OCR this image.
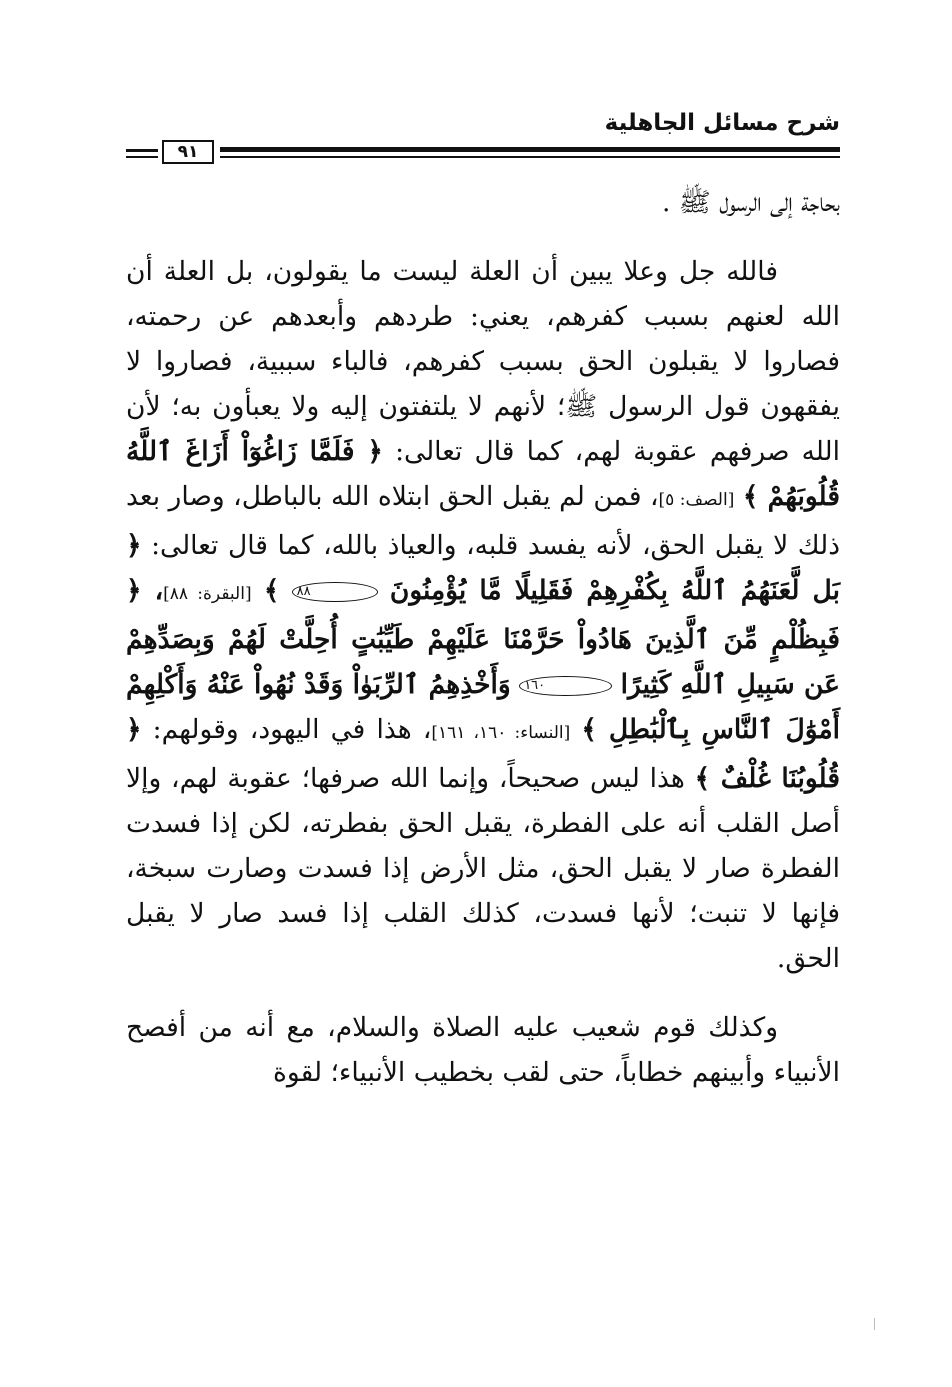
شرح مسائل الجاهلية
٩١

بحاجة إلى الرسول ﷺ .

فالله جل وعلا يبين أن العلة ليست ما يقولون، بل العلة أن الله لعنهم بسبب كفرهم، يعني: طردهم وأبعدهم عن رحمته، فصاروا لا يقبلون الحق بسبب كفرهم، فالباء سببية، فصاروا لا يفقهون قول الرسول ﷺ؛ لأنهم لا يلتفتون إليه ولا يعبأون به؛ لأن الله صرفهم عقوبة لهم، كما قال تعالى: ﴿ فَلَمَّا زَاغُوٓاْ أَزَاغَ ٱللَّهُ قُلُوبَهُمْ ﴾ [الصف: ٥]، فمن لم يقبل الحق ابتلاه الله بالباطل، وصار بعد ذلك لا يقبل الحق، لأنه يفسد قلبه، والعياذ بالله، كما قال تعالى: ﴿ بَل لَّعَنَهُمُ ٱللَّهُ بِكُفْرِهِمْ فَقَلِيلًا مَّا يُؤْمِنُونَ ٨٨ ﴾ [البقرة: ٨٨]، ﴿ فَبِظُلْمٍ مِّنَ ٱلَّذِينَ هَادُواْ حَرَّمْنَا عَلَيْهِمْ طَيِّبَٰتٍ أُحِلَّتْ لَهُمْ وَبِصَدِّهِمْ عَن سَبِيلِ ٱللَّهِ كَثِيرًا ١٦٠ وَأَخْذِهِمُ ٱلرِّبَوٰاْ وَقَدْ نُهُواْ عَنْهُ وَأَكْلِهِمْ أَمْوَٰلَ ٱلنَّاسِ بِٱلْبَٰطِلِ ﴾ [النساء: ١٦٠، ١٦١]، هذا في اليهود، وقولهم: ﴿ قُلُوبُنَا غُلْفٌ ﴾ هذا ليس صحيحاً، وإنما الله صرفها؛ عقوبة لهم، وإلا أصل القلب أنه على الفطرة، يقبل الحق بفطرته، لكن إذا فسدت الفطرة صار لا يقبل الحق، مثل الأرض إذا فسدت وصارت سبخة، فإنها لا تنبت؛ لأنها فسدت، كذلك القلب إذا فسد صار لا يقبل الحق.

وكذلك قوم شعيب عليه الصلاة والسلام، مع أنه من أفصح الأنبياء وأبينهم خطاباً، حتى لقب بخطيب الأنبياء؛ لقوة
